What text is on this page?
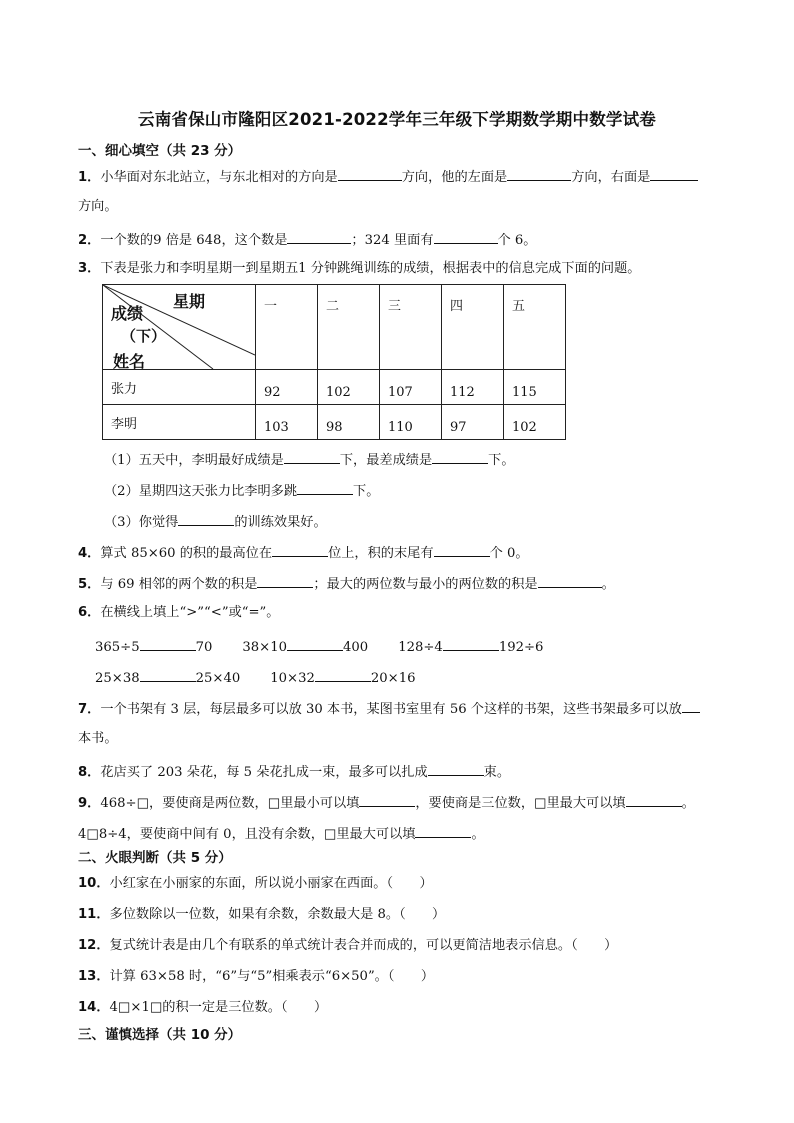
云南省保山市隆阳区2021-2022学年三年级下学期数学期中数学试卷
一、细心填空（共 23 分）
1．小华面对东北站立，与东北相对的方向是	方向，他的左面是	方向，右面是
方向。
2．一个数的9 倍是 648，这个数是	；324 里面有	个 6。
3．下表是张力和李明星期一到星期五1 分钟跳绳训练的成绩，根据表中的信息完成下面的问题。
星期
成绩
（下）
姓名	一	二	三	四	五
张力	92	102	107	112	115
李明	103	98	110	97	102
（1）五天中，李明最好成绩是	下，最差成绩是	下。
（2）星期四这天张力比李明多跳	下。
（3）你觉得	的训练效果好。
4．算式 85×60 的积的最高位在	位上，积的末尾有	个 0。
5．与 69 相邻的两个数的积是	；最大的两位数与最小的两位数的积是	。
6．在横线上填上“>”“<”或“=”。
365÷5	70 38×10	400 128÷4	192÷6
25×38	25×40 10×32	20×16
7．一个书架有 3 层，每层最多可以放 30 本书，某图书室里有 56 个这样的书架，这些书架最多可以放
本书。
8．花店买了 203 朵花，每 5 朵花扎成一束，最多可以扎成	束。
9．468÷□，要使商是两位数，□里最小可以填	，要使商是三位数，□里最大可以填	。
4□8÷4，要使商中间有 0，且没有余数，□里最大可以填	。
二、火眼判断（共 5 分）
10．小红家在小丽家的东面，所以说小丽家在西面。（　　）
11．多位数除以一位数，如果有余数，余数最大是 8。（　　）
12．复式统计表是由几个有联系的单式统计表合并而成的，可以更简洁地表示信息。（　　）
13．计算 63×58 时，“6”与“5”相乘表示“6×50”。（　　）
14．4□×1□的积一定是三位数。（　　）
三、谨慎选择（共 10 分）
